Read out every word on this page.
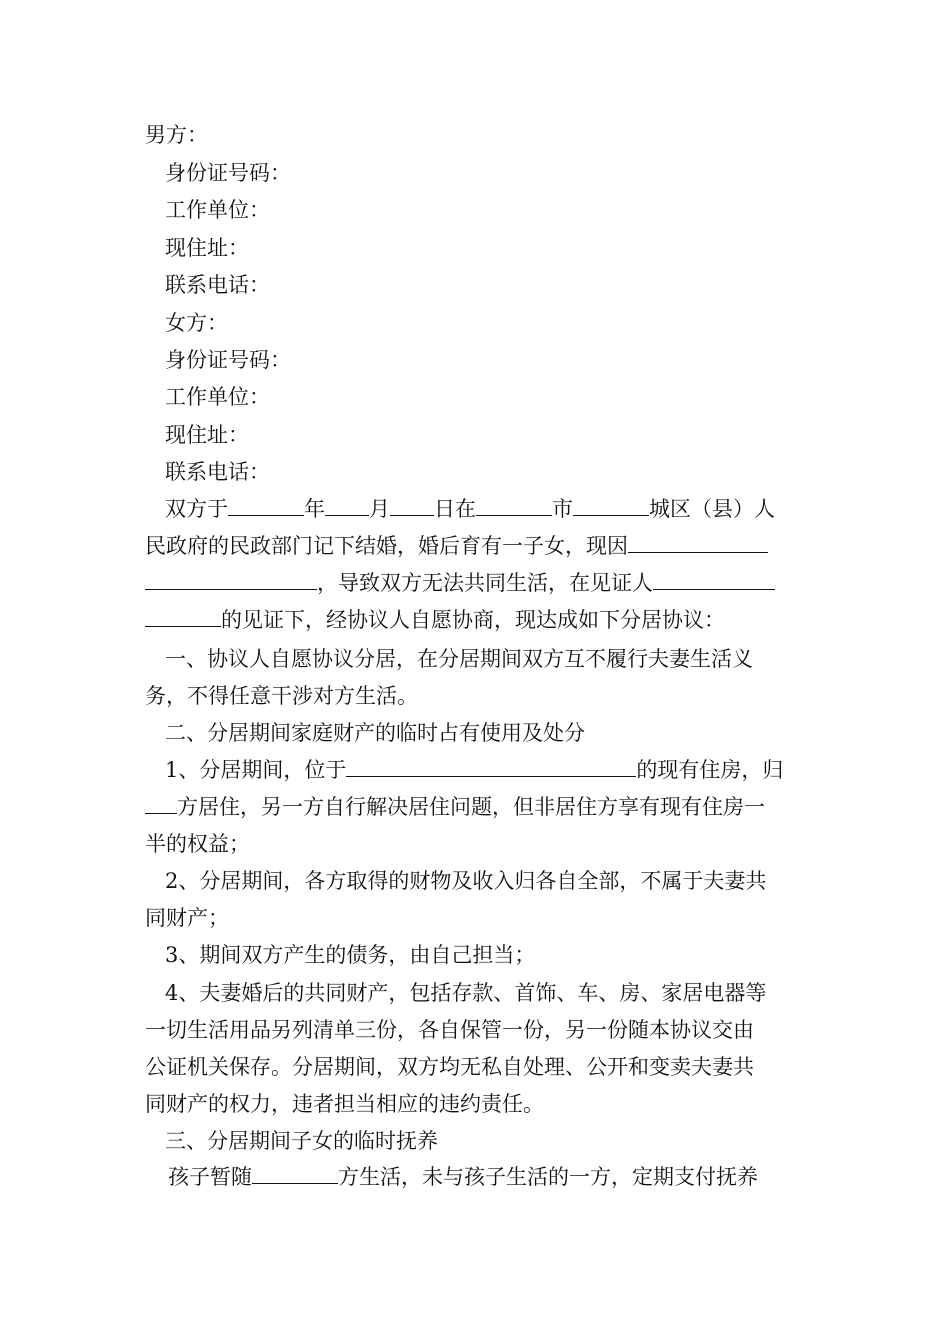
男方：
身份证号码：
工作单位：
现住址：
联系电话：
女方：
身份证号码：
工作单位：
现住址：
联系电话：
双方于	年 月 日在	市	城区（县）人
民政府的民政部门记下结婚，婚后育有一子女，现因
，导致双方无法共同生活，在见证人
的见证下，经协议人自愿协商，现达成如下分居协议：
一、协议人自愿协议分居，在分居期间双方互不履行夫妻生活义
务，不得任意干涉对方生活。
二、分居期间家庭财产的临时占有使用及处分
1、分居期间，位于	的现有住房，归
方居住，另一方自行解决居住问题，但非居住方享有现有住房一
半的权益；
2、分居期间，各方取得的财物及收入归各自全部，不属于夫妻共
同财产；
3、期间双方产生的债务，由自己担当；
4、夫妻婚后的共同财产，包括存款、首饰、车、房、家居电器等
一切生活用品另列清单三份，各自保管一份，另一份随本协议交由
公证机关保存。分居期间，双方均无私自处理、公开和变卖夫妻共
同财产的权力，违者担当相应的违约责任。
三、分居期间子女的临时抚养
孩子暂随	方生活，未与孩子生活的一方，定期支付抚养
